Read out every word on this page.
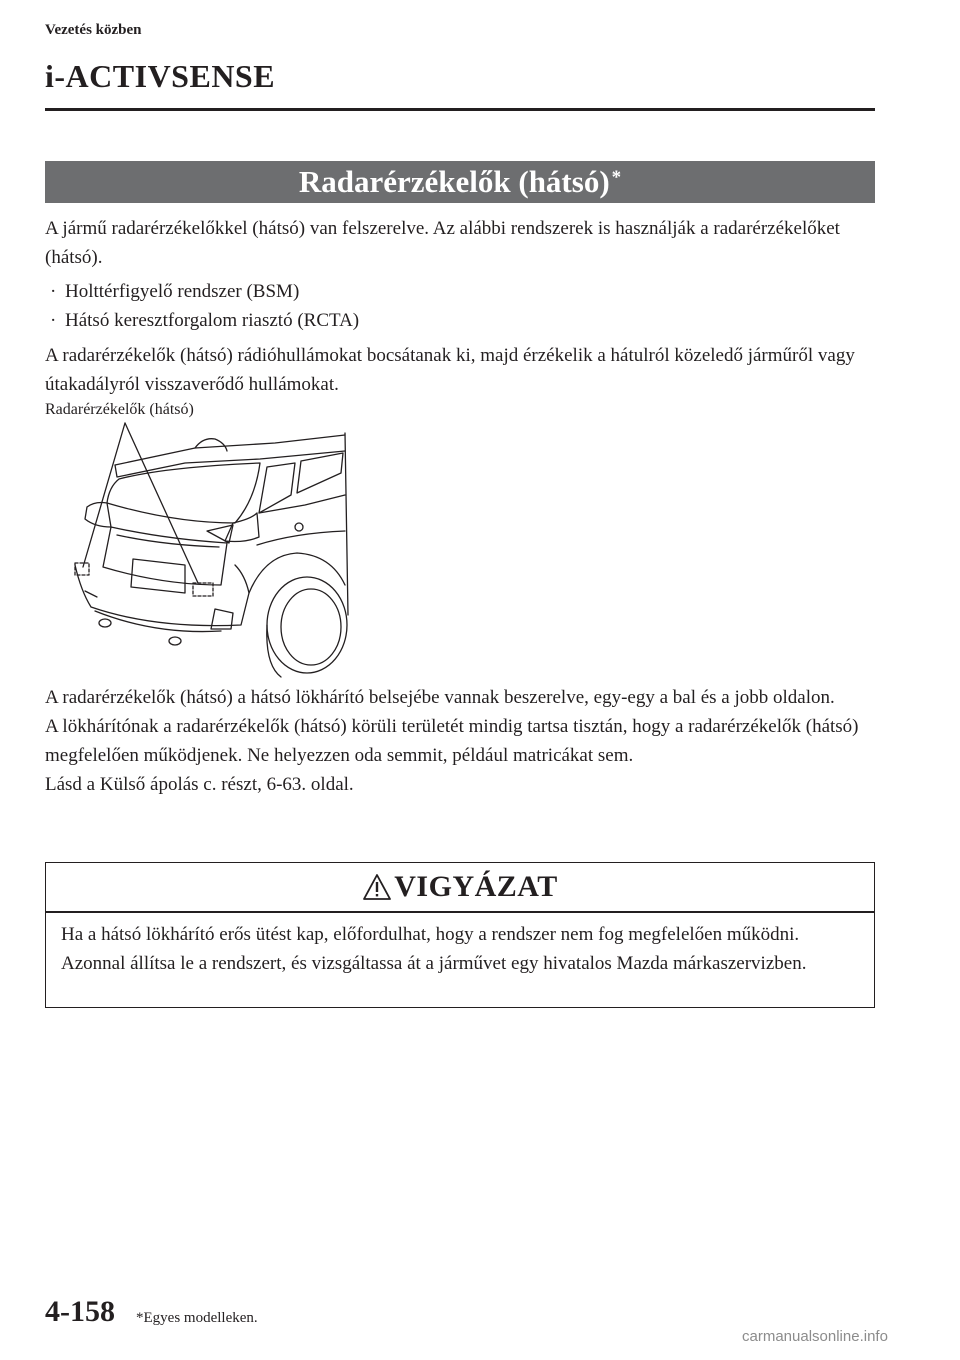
Vezetés közben
i-ACTIVSENSE
Radarérzékelők (hátsó)*
A jármű radarérzékelőkkel (hátsó) van felszerelve. Az alábbi rendszerek is használják a radarérzékelőket (hátsó).
· Holttérfigyelő rendszer (BSM)
· Hátsó keresztforgalom riasztó (RCTA)
A radarérzékelők (hátsó) rádióhullámokat bocsátanak ki, majd érzékelik a hátulról közeledő járműről vagy útakadályról visszaverődő hullámokat.
Radarérzékelők (hátsó)
A radarérzékelők (hátsó) a hátsó lökhárító belsejébe vannak beszerelve, egy-egy a bal és a jobb oldalon.
A lökhárítónak a radarérzékelők (hátsó) körüli területét mindig tartsa tisztán, hogy a radarérzékelők (hátsó) megfelelően működjenek. Ne helyezzen oda semmit, például matricákat sem.
Lásd a Külső ápolás c. részt, 6-63. oldal.
VIGYÁZAT
Ha a hátsó lökhárító erős ütést kap, előfordulhat, hogy a rendszer nem fog megfelelően működni. Azonnal állítsa le a rendszert, és vizsgáltassa át a járművet egy hivatalos Mazda márkaszervizben.
4-158 *Egyes modelleken.
carmanualsonline.info
